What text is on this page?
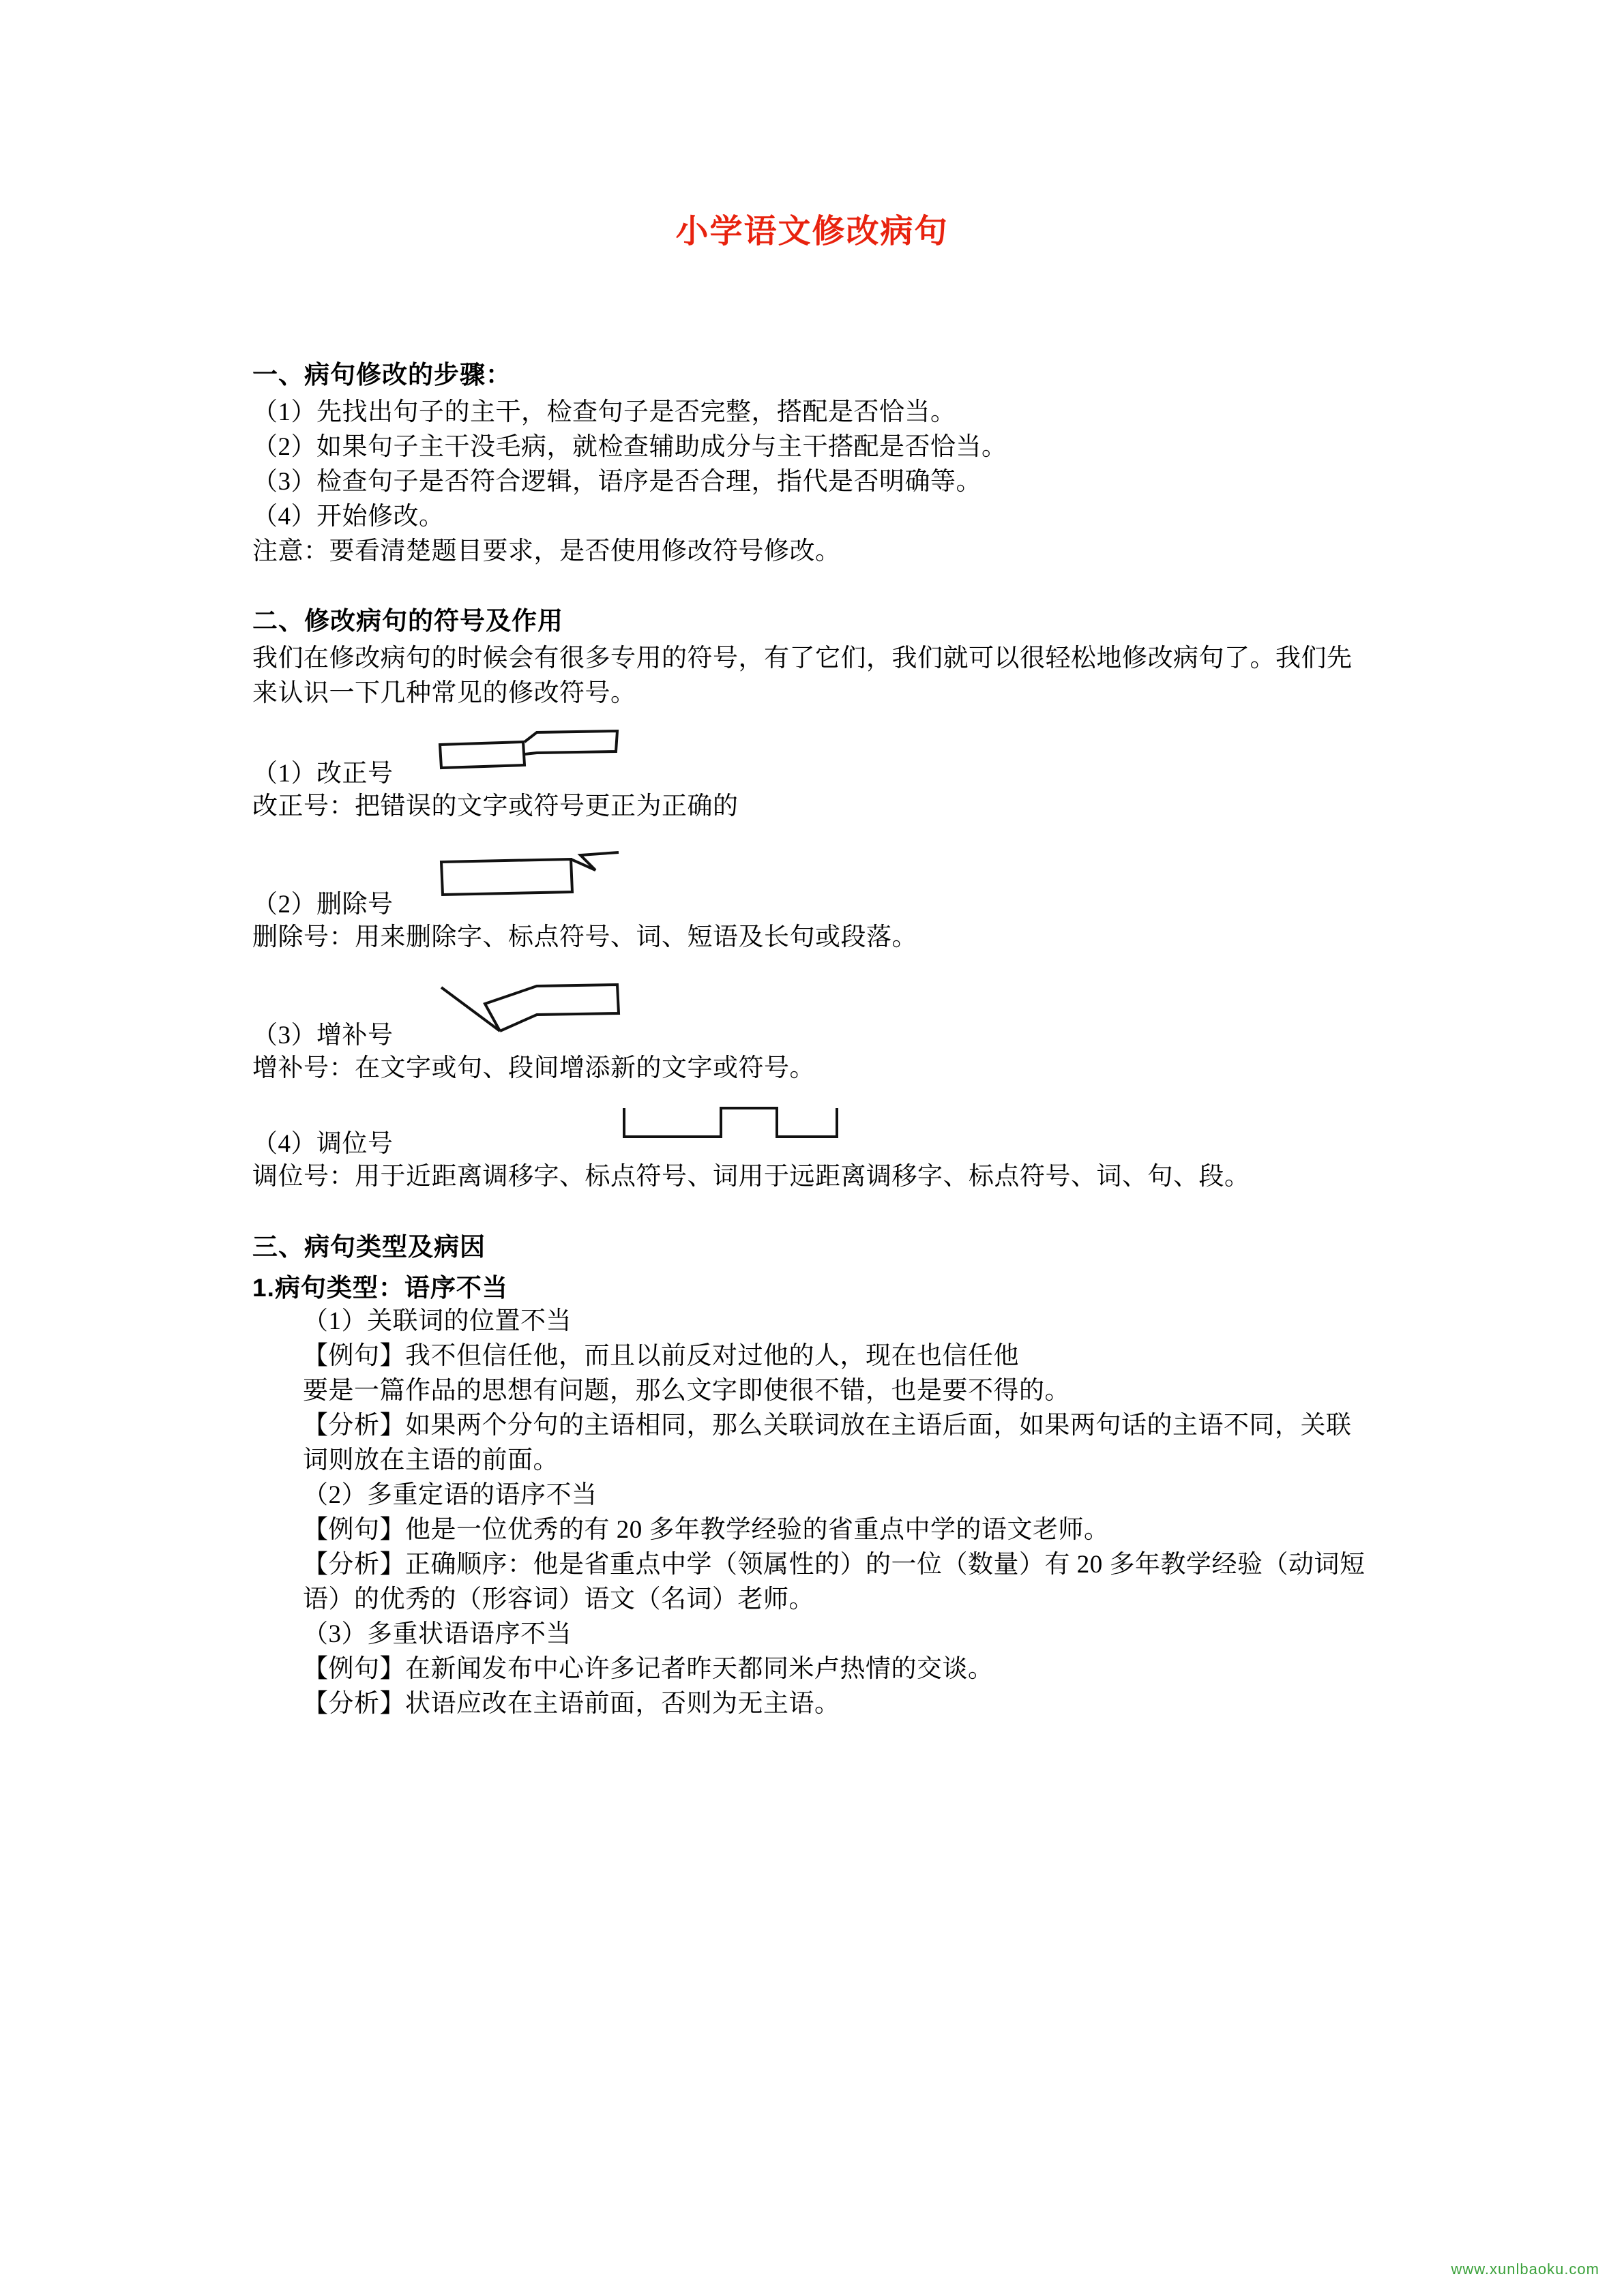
小学语文修改病句
一、病句修改的步骤：

（1）先找出句子的主干，检查句子是否完整，搭配是否恰当。

（2）如果句子主干没毛病，就检查辅助成分与主干搭配是否恰当。

（3）检查句子是否符合逻辑，语序是否合理，指代是否明确等。

（4）开始修改。

注意：要看清楚题目要求，是否使用修改符号修改。

二、修改病句的符号及作用

我们在修改病句的时候会有很多专用的符号，有了它们，我们就可以很轻松地修改病句了。我们先来认识一下几种常见的修改符号。

（1）改正号

改正号：把错误的文字或符号更正为正确的

（2）删除号

删除号：用来删除字、标点符号、词、短语及长句或段落。

（3）增补号

增补号：在文字或句、段间增添新的文字或符号。

（4）调位号

调位号：用于近距离调移字、标点符号、词用于远距离调移字、标点符号、词、句、段。

三、病句类型及病因
1.病句类型：语序不当

（1）关联词的位置不当

【例句】我不但信任他，而且以前反对过他的人，现在也信任他

要是一篇作品的思想有问题，那么文字即使很不错，也是要不得的。

【分析】如果两个分句的主语相同，那么关联词放在主语后面，如果两句话的主语不同，关联词则放在主语的前面。

（2）多重定语的语序不当

【例句】他是一位优秀的有 20 多年教学经验的省重点中学的语文老师。

【分析】正确顺序：他是省重点中学（领属性的）的一位（数量）有 20 多年教学经验（动词短语）的优秀的（形容词）语文（名词）老师。

（3）多重状语语序不当

【例句】在新闻发布中心许多记者昨天都同米卢热情的交谈。

【分析】状语应改在主语前面，否则为无主语。

www.xunlbaoku.com
